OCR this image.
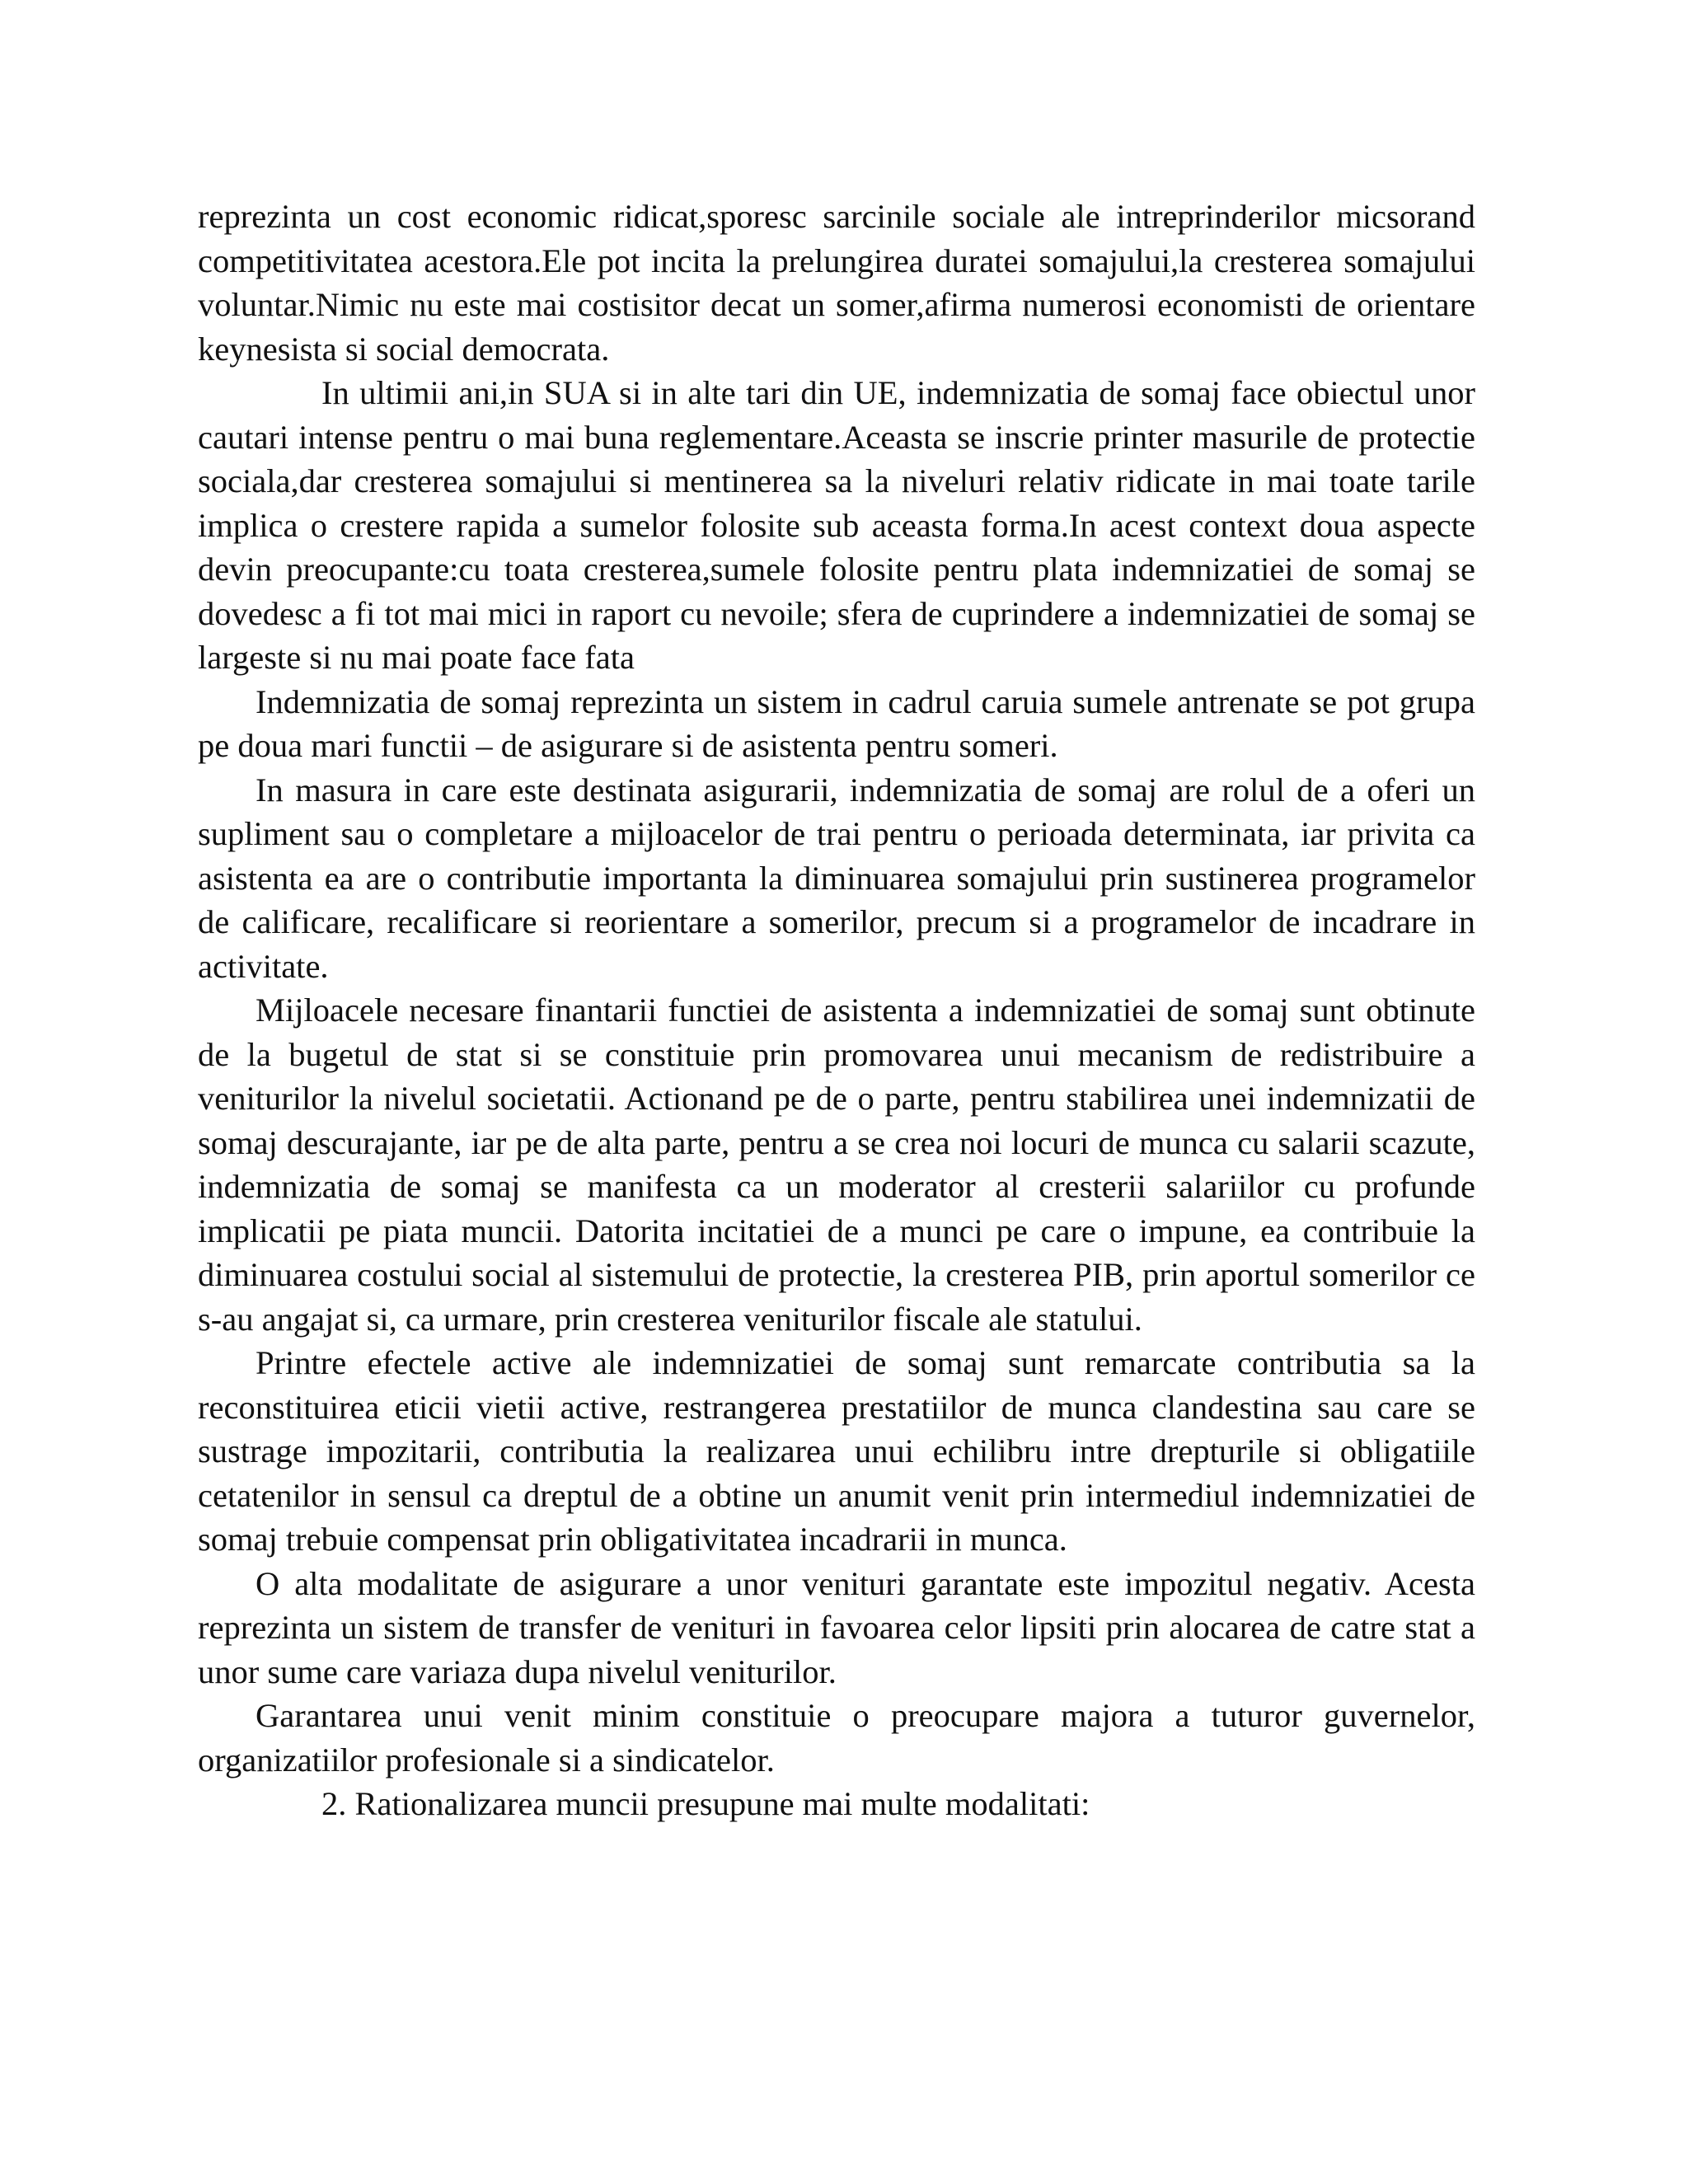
reprezinta un cost economic ridicat,sporesc sarcinile sociale ale intreprinderilor micsorand competitivitatea acestora.Ele pot incita la prelungirea duratei somajului,la cresterea somajului voluntar.Nimic nu este mai costisitor decat un somer,afirma numerosi economisti de orientare keynesista si social democrata.

In ultimii ani,in SUA si in alte tari din UE, indemnizatia de somaj face obiectul unor cautari intense pentru o mai buna reglementare.Aceasta se inscrie printer masurile de protectie sociala,dar cresterea somajului si mentinerea sa la niveluri relativ ridicate in mai toate tarile implica o crestere rapida a sumelor folosite sub aceasta forma.In acest context doua aspecte devin preocupante:cu toata cresterea,sumele folosite pentru plata indemnizatiei de somaj se dovedesc a fi tot mai mici in raport cu nevoile; sfera de cuprindere a indemnizatiei de somaj se largeste si nu mai poate face fata

Indemnizatia de somaj reprezinta un sistem in cadrul caruia sumele antrenate se pot grupa pe doua mari functii – de asigurare si de asistenta pentru someri.

In masura in care este destinata asigurarii, indemnizatia de somaj are rolul de a oferi un supliment sau o completare a mijloacelor de trai pentru o perioada determinata, iar privita ca asistenta ea are o contributie importanta la diminuarea somajului prin sustinerea programelor de calificare, recalificare si reorientare a somerilor, precum si a programelor de incadrare in activitate.

Mijloacele necesare finantarii functiei de asistenta a indemnizatiei de somaj sunt obtinute de la bugetul de stat si se constituie prin promovarea unui mecanism de redistribuire a veniturilor la nivelul societatii. Actionand pe de o parte, pentru stabilirea unei indemnizatii de somaj descurajante, iar pe de alta parte, pentru a se crea noi locuri de munca cu salarii scazute, indemnizatia de somaj se manifesta ca un moderator al cresterii salariilor cu profunde implicatii pe piata muncii. Datorita incitatiei de a munci pe care o impune, ea contribuie la diminuarea costului social al sistemului de protectie, la cresterea PIB, prin aportul somerilor ce s-au angajat si, ca urmare, prin cresterea veniturilor fiscale ale statului.

Printre efectele active ale indemnizatiei de somaj sunt remarcate contributia sa la reconstituirea eticii vietii active, restrangerea prestatiilor de munca clandestina sau care se sustrage impozitarii, contributia la realizarea unui echilibru intre drepturile si obligatiile cetatenilor in sensul ca dreptul de a obtine un anumit venit prin intermediul indemnizatiei de somaj trebuie compensat prin obligativitatea incadrarii in munca.

O alta modalitate de asigurare a unor venituri garantate este impozitul negativ. Acesta reprezinta un sistem de transfer de venituri in favoarea celor lipsiti prin alocarea de catre stat a unor sume care variaza dupa nivelul veniturilor.

Garantarea unui venit minim constituie o preocupare majora a tuturor guvernelor, organizatiilor profesionale si a sindicatelor.

2. Rationalizarea muncii presupune mai multe modalitati:
